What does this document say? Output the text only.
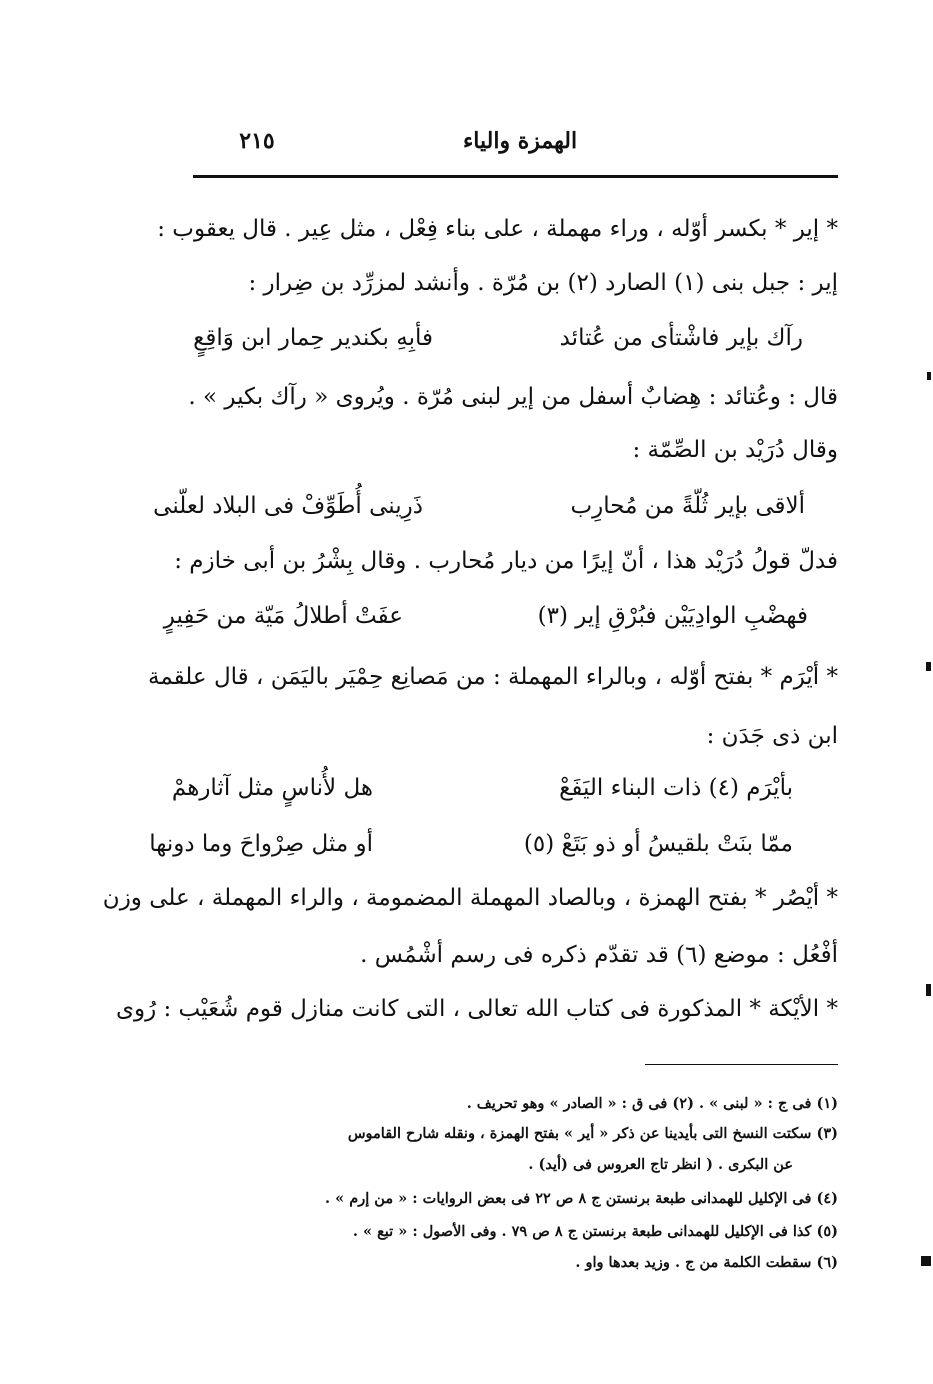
الهمزة والياء
٢١٥
* إير * بكسر أوّله ، وراء مهملة ، على بناء فِعْل ، مثل عِير . قال يعقوب :
إير : جبل بنى (١) الصارد (٢) بن مُرّة . وأنشد لمزرِّد بن ضِرار :
فأبِهِ بكندير حِمار ابن وَاقِعٍ	رآك بإير فاشْتأى من عُتائد
قال : وعُتائد : هِضابٌ أسفل من إير لبنى مُرّة . ويُروى « رآك بكير » .
وقال دُرَيْد بن الصِّمّة :
ذَرِينى أُطَوِّفْ فى البلاد لعلّنى	ألاقى بإير ثُلّةً من مُحارِب
فدلّ قولُ دُرَيْد هذا ، أنّ إيرًا من ديار مُحارب . وقال بِشْرُ بن أبى خازم :
عفَتْ أطلالُ مَيّة من حَفِيرٍ	فهضْبِ الوادِيَيْن فبُرْقِ إير (٣)
* أيْرَم * بفتح أوّله ، وبالراء المهملة : من مَصانِع حِمْيَر باليَمَن ، قال علقمة
ابن ذى جَدَن :
هل لأُناسٍ مثل آثارهمْ	بأيْرَم (٤) ذات البناء اليَفَعْ
أو مثل صِرْواحَ وما دونها	ممّا بنَتْ بلقيسُ أو ذو بَتَعْ (٥)
* أيْصُر * بفتح الهمزة ، وبالصاد المهملة المضمومة ، والراء المهملة ، على وزن
أفْعُل : موضع (٦) قد تقدّم ذكره فى رسم أشْمُس .
* الأيْكة * المذكورة فى كتاب الله تعالى ، التى كانت منازل قوم شُعَيْب : رُوى
(١) فى ج : « لبنى » . (٢) فى ق : « الصادر » وهو تحريف .
(٣) سكتت النسخ التى بأيدينا عن ذكر « أير » بفتح الهمزة ، ونقله شارح القاموس
عن البكرى . ( انظر تاج العروس فى (أيد) .
(٤) فى الإكليل للهمدانى طبعة برنستن ج ٨ ص ٢٢ فى بعض الروايات : « من إرم » .
(٥) كذا فى الإكليل للهمدانى طبعة برنستن ج ٨ ص ٧٩ . وفى الأصول : « تبع » .
(٦) سقطت الكلمة من ج . وزيد بعدها واو .
